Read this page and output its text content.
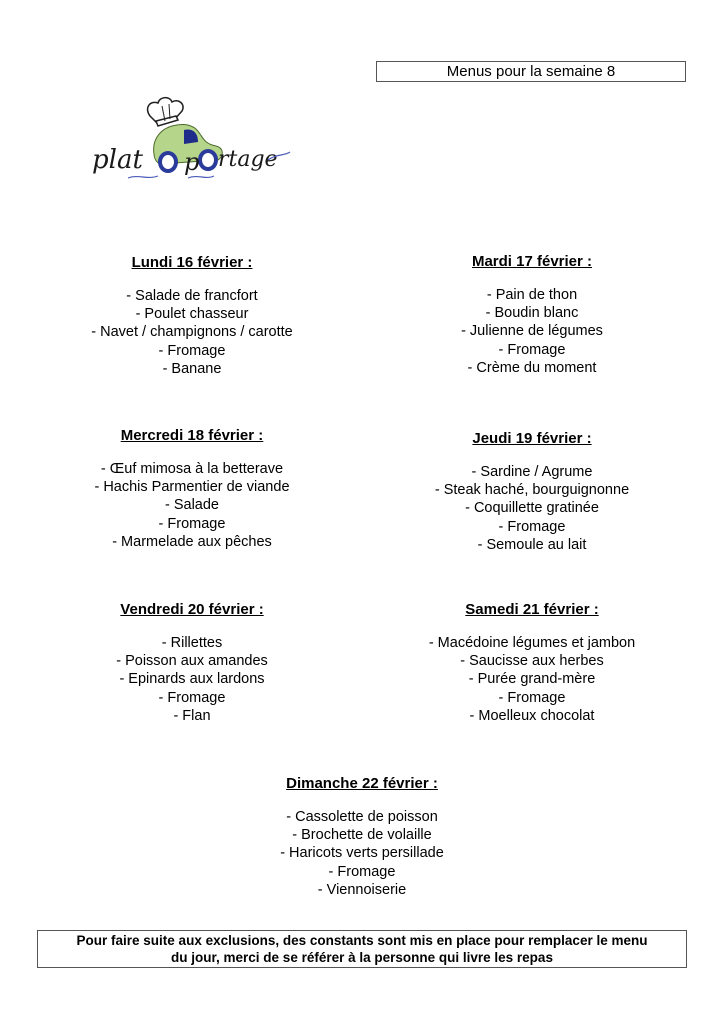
Menus pour la semaine 8
plat p rtage
Lundi 16 février :
- Salade de francfort
- Poulet chasseur
- Navet / champignons / carotte
- Fromage
- Banane
Mardi 17 février :
- Pain de thon
- Boudin blanc
- Julienne de légumes
- Fromage
- Crème du moment
Mercredi 18 février :
- Œuf mimosa à la betterave
- Hachis Parmentier de viande
- Salade
- Fromage
- Marmelade aux pêches
Jeudi 19 février :
- Sardine / Agrume
- Steak haché, bourguignonne
- Coquillette gratinée
- Fromage
- Semoule au lait
Vendredi 20 février :
- Rillettes
- Poisson aux amandes
- Epinards aux lardons
- Fromage
- Flan
Samedi 21 février :
- Macédoine légumes et jambon
- Saucisse aux herbes
- Purée grand-mère
- Fromage
- Moelleux chocolat
Dimanche 22 février :
- Cassolette de poisson
- Brochette de volaille
- Haricots verts persillade
- Fromage
- Viennoiserie
Pour faire suite aux exclusions, des constants sont mis en place pour remplacer le menu
du jour, merci de se référer à la personne qui livre les repas
